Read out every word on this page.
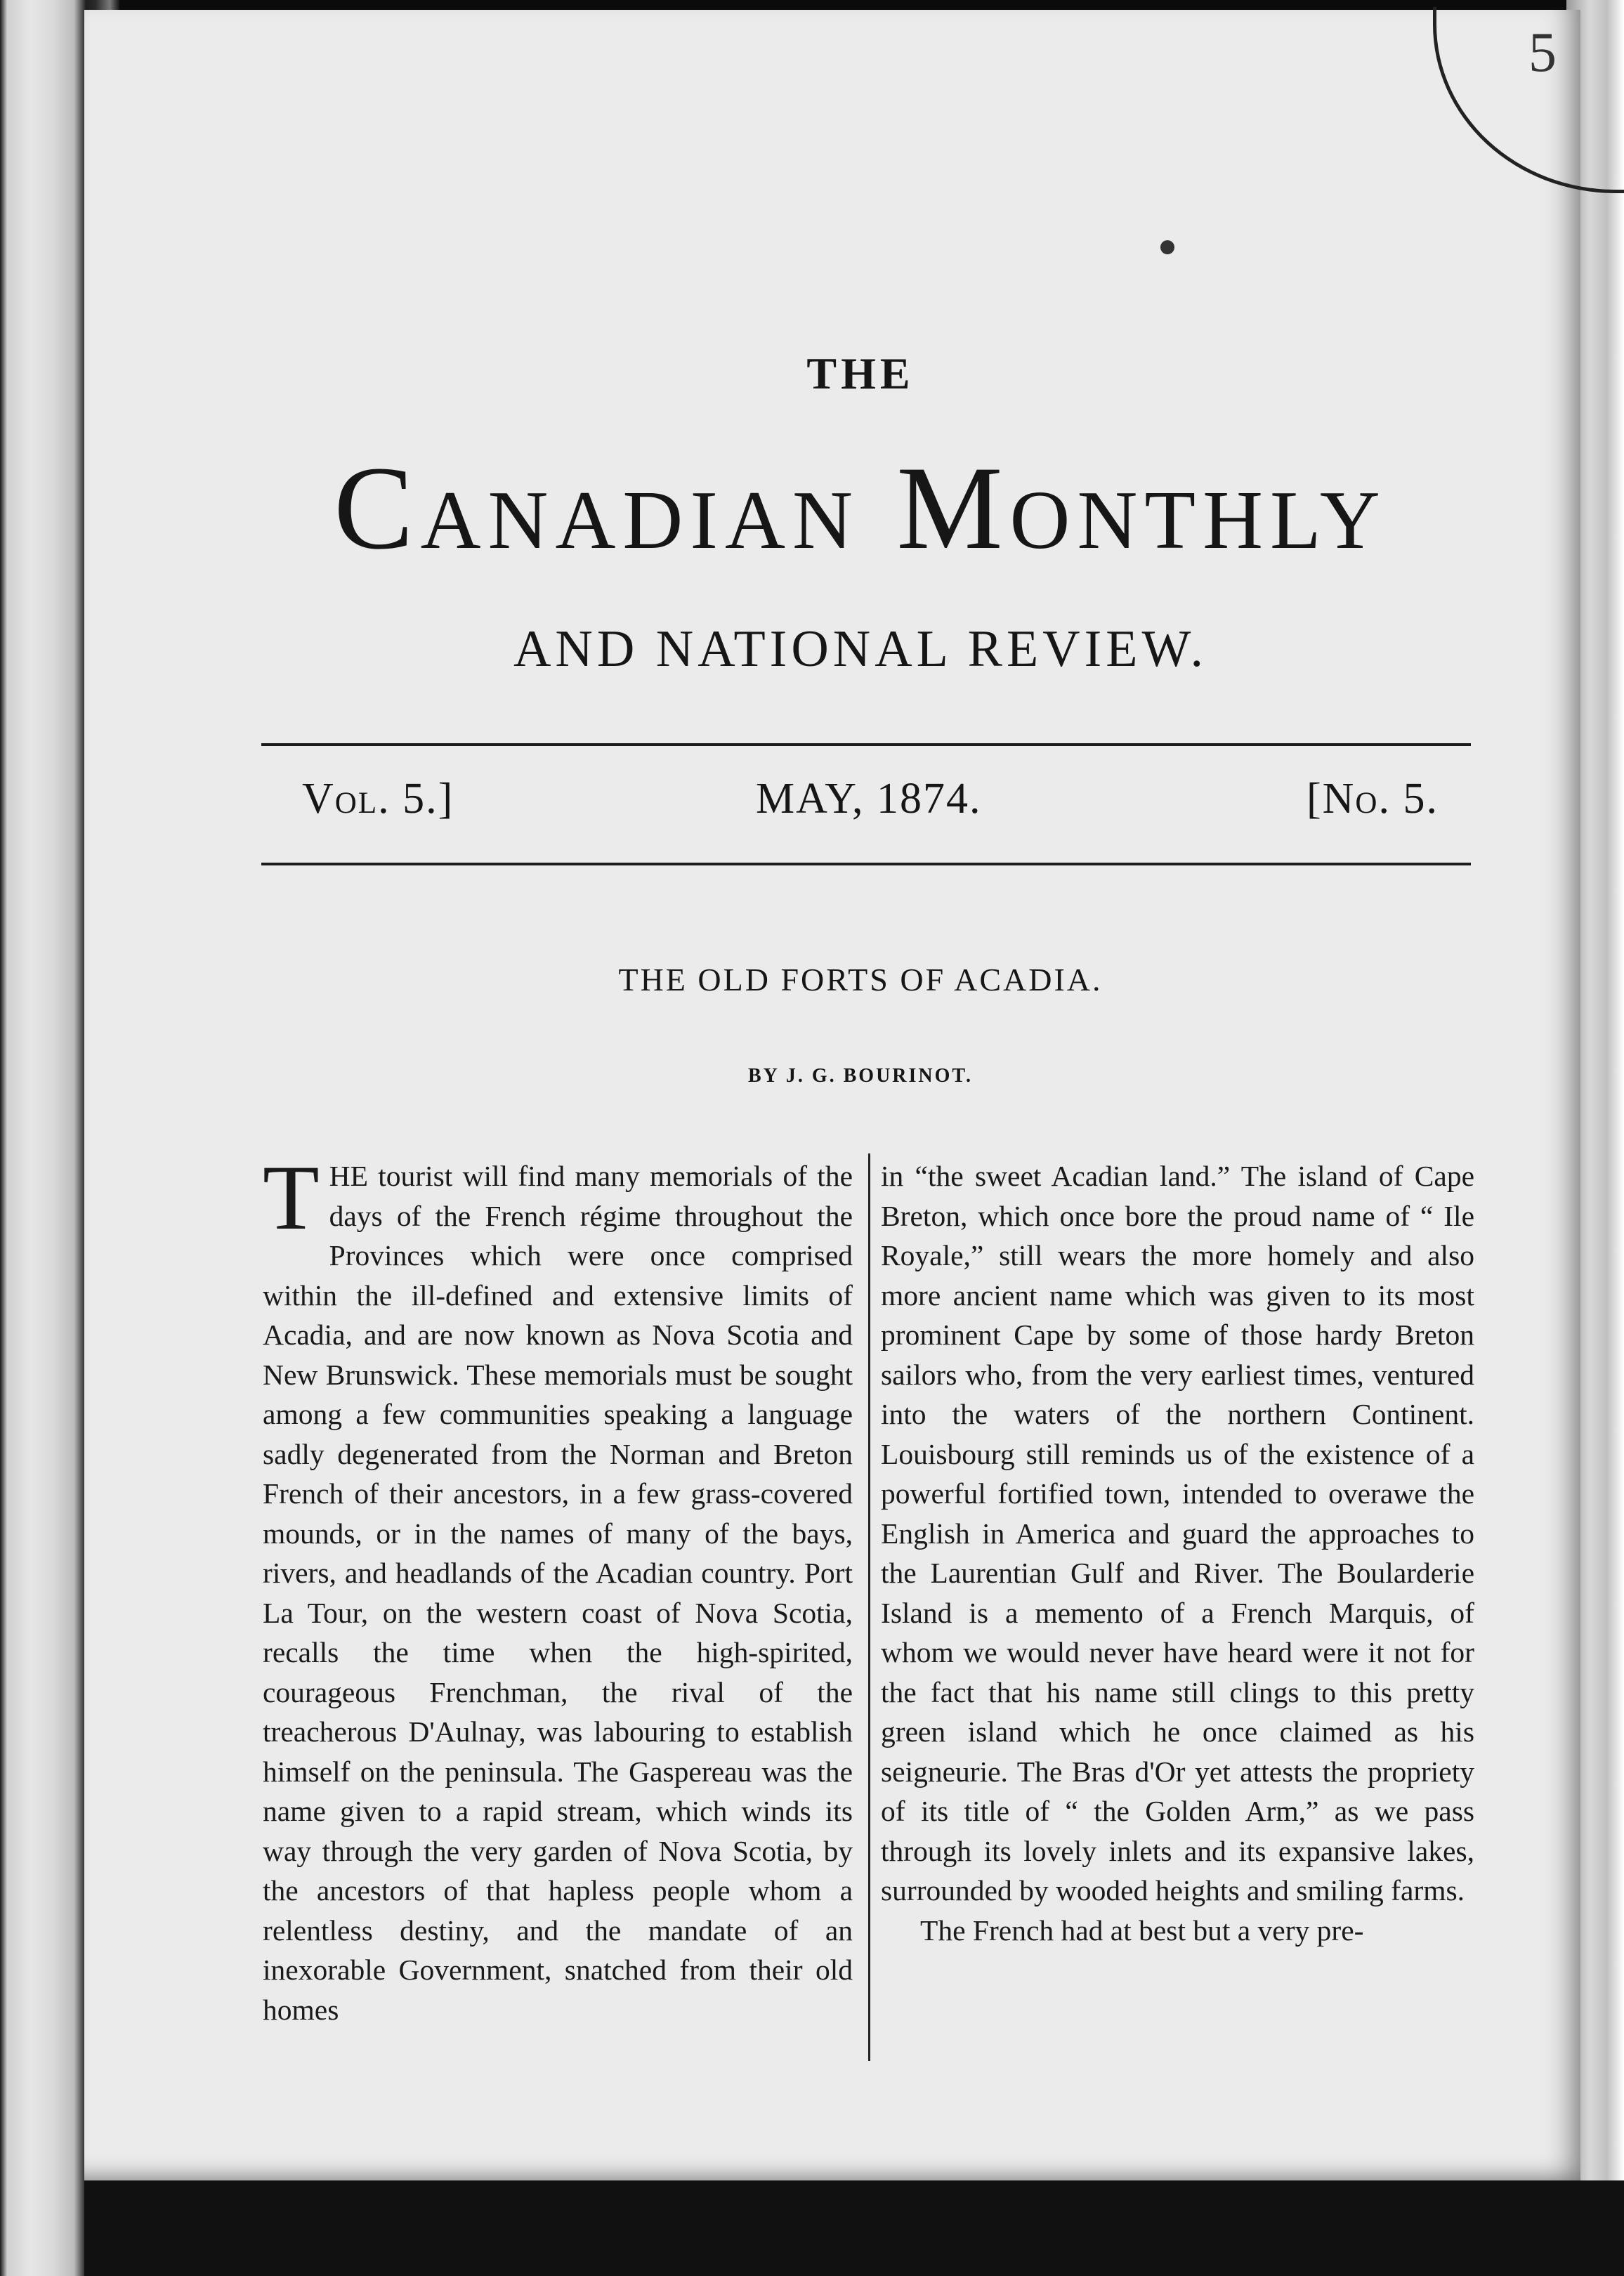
5
THE
Canadian Monthly
AND NATIONAL REVIEW.
Vol. 5.]	MAY, 1874.	[No. 5.
THE OLD FORTS OF ACADIA.
BY J. G. BOURINOT.

THE tourist will find many memorials of the days of the French régime throughout the Provinces which were once comprised within the ill-defined and extensive limits of Acadia, and are now known as Nova Scotia and New Brunswick. These memorials must be sought among a few communities speaking a language sadly degenerated from the Norman and Breton French of their ancestors, in a few grass-covered mounds, or in the names of many of the bays, rivers, and headlands of the Acadian country. Port La Tour, on the western coast of Nova Scotia, recalls the time when the high-spirited, courageous Frenchman, the rival of the treacherous D'Aulnay, was labouring to establish himself on the peninsula. The Gaspereau was the name given to a rapid stream, which winds its way through the very garden of Nova Scotia, by the ancestors of that hapless people whom a relentless destiny, and the mandate of an inexorable Government, snatched from their old homes

in “the sweet Acadian land.” The island of Cape Breton, which once bore the proud name of “ Ile Royale,” still wears the more homely and also more ancient name which was given to its most prominent Cape by some of those hardy Breton sailors who, from the very earliest times, ventured into the waters of the northern Continent. Louisbourg still reminds us of the existence of a powerful fortified town, intended to overawe the English in America and guard the approaches to the Laurentian Gulf and River. The Boularderie Island is a memento of a French Marquis, of whom we would never have heard were it not for the fact that his name still clings to this pretty green island which he once claimed as his seigneurie. The Bras d'Or yet attests the propriety of its title of “ the Golden Arm,” as we pass through its lovely inlets and its expansive lakes, surrounded by wooded heights and smiling farms.

The French had at best but a very pre-
